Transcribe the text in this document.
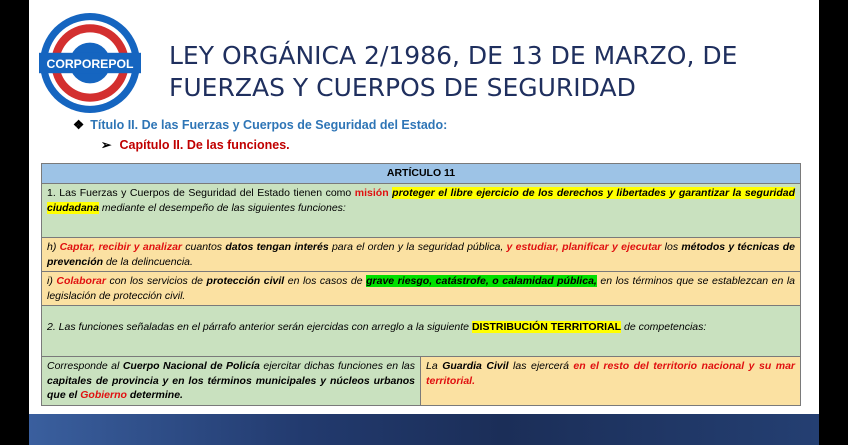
CORPOREPOL LEY ORGÁNICA 2/1986, DE 13 DE MARZO, DE
FUERZAS Y CUERPOS DE SEGURIDAD
❖ Título II. De las Fuerzas y Cuerpos de Seguridad del Estado:
➢ Capítulo II. De las funciones.
ARTÍCULO 11
1. Las Fuerzas y Cuerpos de Seguridad del Estado tienen como misión proteger el libre ejercicio de los derechos y libertades y garantizar la seguridad ciudadana mediante el desempeño de las siguientes funciones:
h) Captar, recibir y analizar cuantos datos tengan interés para el orden y la seguridad pública, y estudiar, planificar y ejecutar los métodos y técnicas de prevención de la delincuencia.
i) Colaborar con los servicios de protección civil en los casos de grave riesgo, catástrofe, o calamidad pública, en los términos que se establezcan en la legislación de protección civil.
2. Las funciones señaladas en el párrafo anterior serán ejercidas con arreglo a la siguiente DISTRIBUCIÓN TERRITORIAL de competencias:
Corresponde al Cuerpo Nacional de Policía ejercitar dichas funciones en las capitales de provincia y en los términos municipales y núcleos urbanos que el Gobierno determine.	La Guardia Civil las ejercerá en el resto del territorio nacional y su mar territorial.
